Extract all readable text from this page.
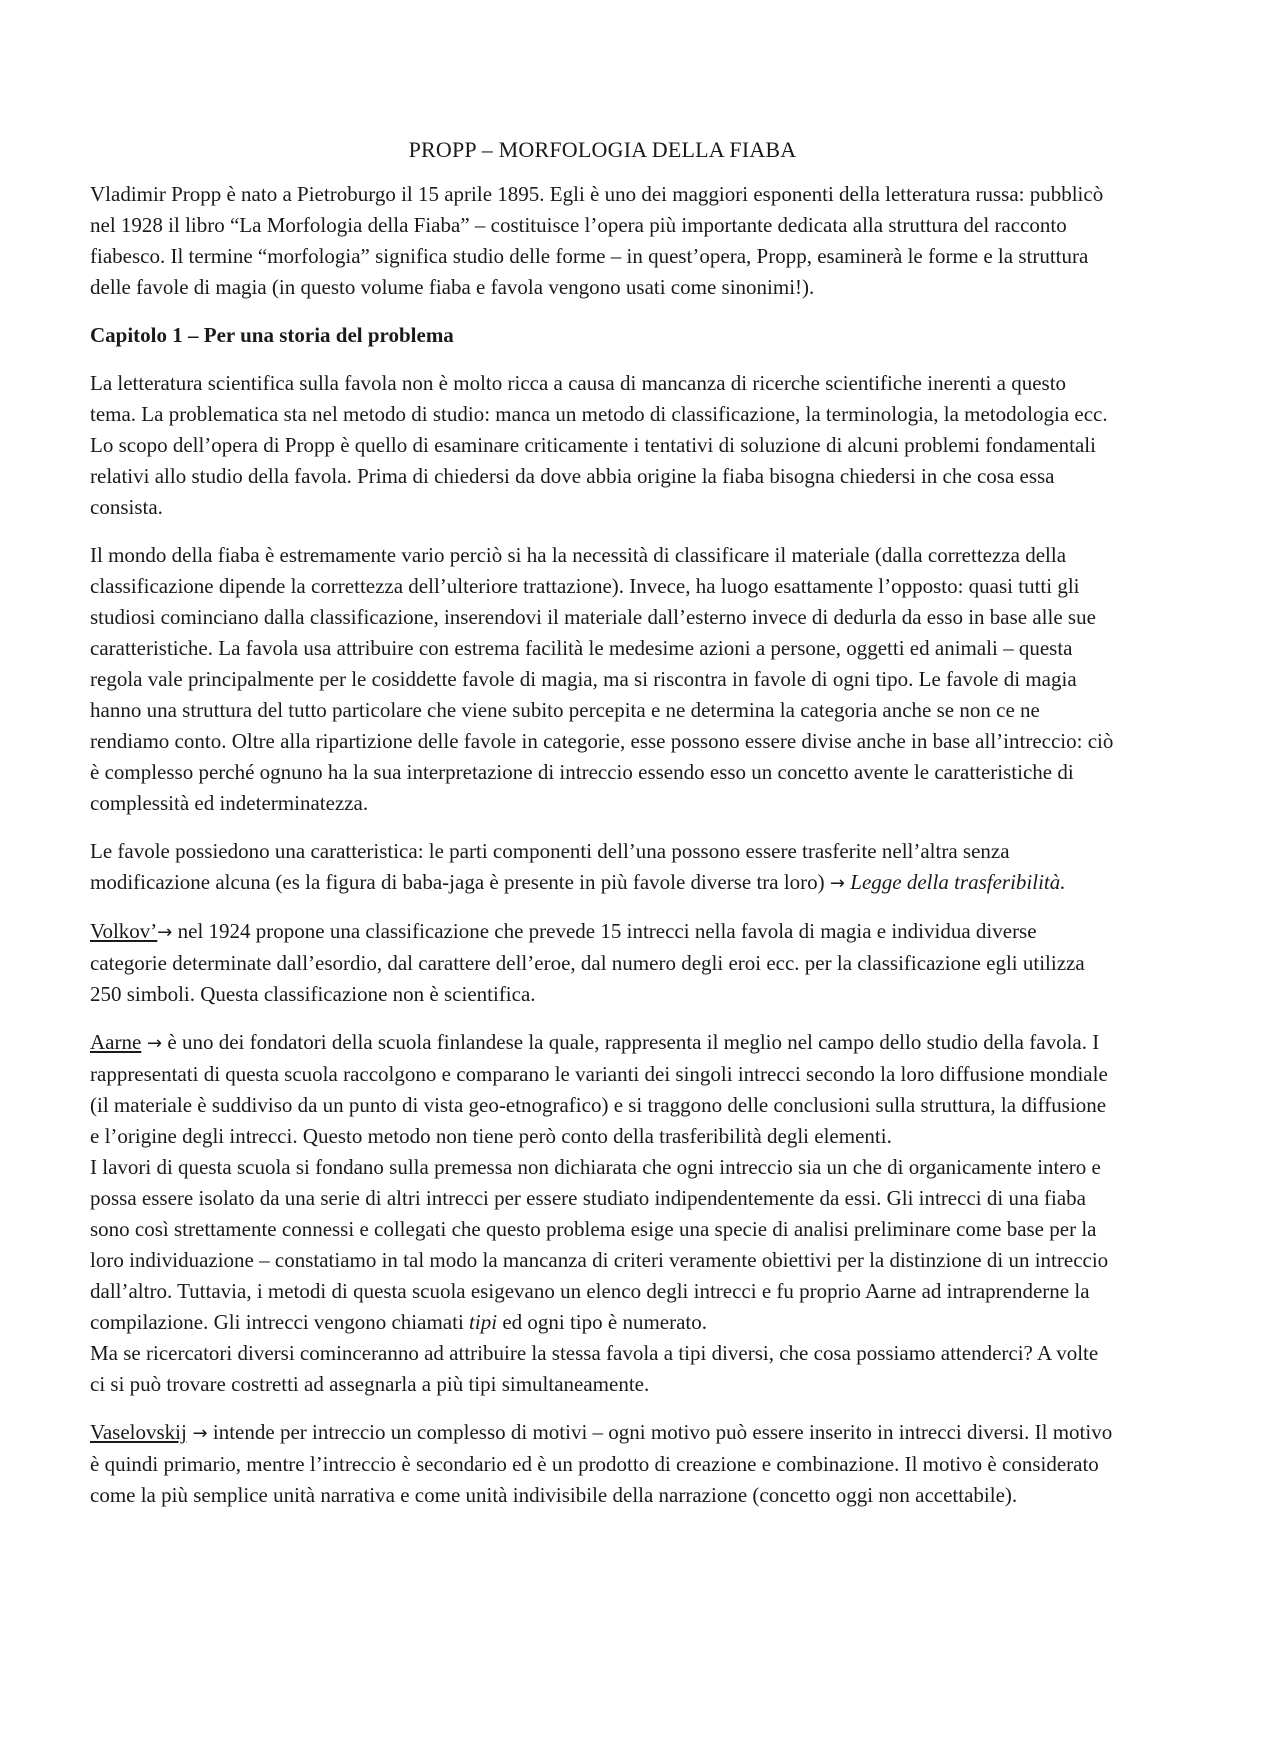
PROPP – MORFOLOGIA DELLA FIABA

Vladimir Propp è nato a Pietroburgo il 15 aprile 1895. Egli è uno dei maggiori esponenti della letteratura russa: pubblicò nel 1928 il libro “La Morfologia della Fiaba” – costituisce l’opera più importante dedicata alla struttura del racconto fiabesco. Il termine “morfologia” significa studio delle forme – in quest’opera, Propp, esaminerà le forme e la struttura delle favole di magia (in questo volume fiaba e favola vengono usati come sinonimi!).

Capitolo 1 – Per una storia del problema

La letteratura scientifica sulla favola non è molto ricca a causa di mancanza di ricerche scientifiche inerenti a questo tema. La problematica sta nel metodo di studio: manca un metodo di classificazione, la terminologia, la metodologia ecc. Lo scopo dell’opera di Propp è quello di esaminare criticamente i tentativi di soluzione di alcuni problemi fondamentali relativi allo studio della favola. Prima di chiedersi da dove abbia origine la fiaba bisogna chiedersi in che cosa essa consista.

Il mondo della fiaba è estremamente vario perciò si ha la necessità di classificare il materiale (dalla correttezza della classificazione dipende la correttezza dell’ulteriore trattazione). Invece, ha luogo esattamente l’opposto: quasi tutti gli studiosi cominciano dalla classificazione, inserendovi il materiale dall’esterno invece di dedurla da esso in base alle sue caratteristiche. La favola usa attribuire con estrema facilità le medesime azioni a persone, oggetti ed animali – questa regola vale principalmente per le cosiddette favole di magia, ma si riscontra in favole di ogni tipo. Le favole di magia hanno una struttura del tutto particolare che viene subito percepita e ne determina la categoria anche se non ce ne rendiamo conto. Oltre alla ripartizione delle favole in categorie, esse possono essere divise anche in base all’intreccio: ciò è complesso perché ognuno ha la sua interpretazione di intreccio essendo esso un concetto avente le caratteristiche di complessità ed indeterminatezza.

Le favole possiedono una caratteristica: le parti componenti dell’una possono essere trasferite nell’altra senza modificazione alcuna (es la figura di baba-jaga è presente in più favole diverse tra loro) → Legge della trasferibilità.

Volkov’→ nel 1924 propone una classificazione che prevede 15 intrecci nella favola di magia e individua diverse categorie determinate dall’esordio, dal carattere dell’eroe, dal numero degli eroi ecc. per la classificazione egli utilizza 250 simboli. Questa classificazione non è scientifica.

Aarne → è uno dei fondatori della scuola finlandese la quale, rappresenta il meglio nel campo dello studio della favola. I rappresentati di questa scuola raccolgono e comparano le varianti dei singoli intrecci secondo la loro diffusione mondiale (il materiale è suddiviso da un punto di vista geo-etnografico) e si traggono delle conclusioni sulla struttura, la diffusione e l’origine degli intrecci. Questo metodo non tiene però conto della trasferibilità degli elementi.

I lavori di questa scuola si fondano sulla premessa non dichiarata che ogni intreccio sia un che di organicamente intero e possa essere isolato da una serie di altri intrecci per essere studiato indipendentemente da essi. Gli intrecci di una fiaba sono così strettamente connessi e collegati che questo problema esige una specie di analisi preliminare come base per la loro individuazione – constatiamo in tal modo la mancanza di criteri veramente obiettivi per la distinzione di un intreccio dall’altro. Tuttavia, i metodi di questa scuola esigevano un elenco degli intrecci e fu proprio Aarne ad intraprenderne la compilazione. Gli intrecci vengono chiamati tipi ed ogni tipo è numerato.

Ma se ricercatori diversi cominceranno ad attribuire la stessa favola a tipi diversi, che cosa possiamo attenderci? A volte ci si può trovare costretti ad assegnarla a più tipi simultaneamente.

Vaselovskij → intende per intreccio un complesso di motivi – ogni motivo può essere inserito in intrecci diversi. Il motivo è quindi primario, mentre l’intreccio è secondario ed è un prodotto di creazione e combinazione. Il motivo è considerato come la più semplice unità narrativa e come unità indivisibile della narrazione (concetto oggi non accettabile).
